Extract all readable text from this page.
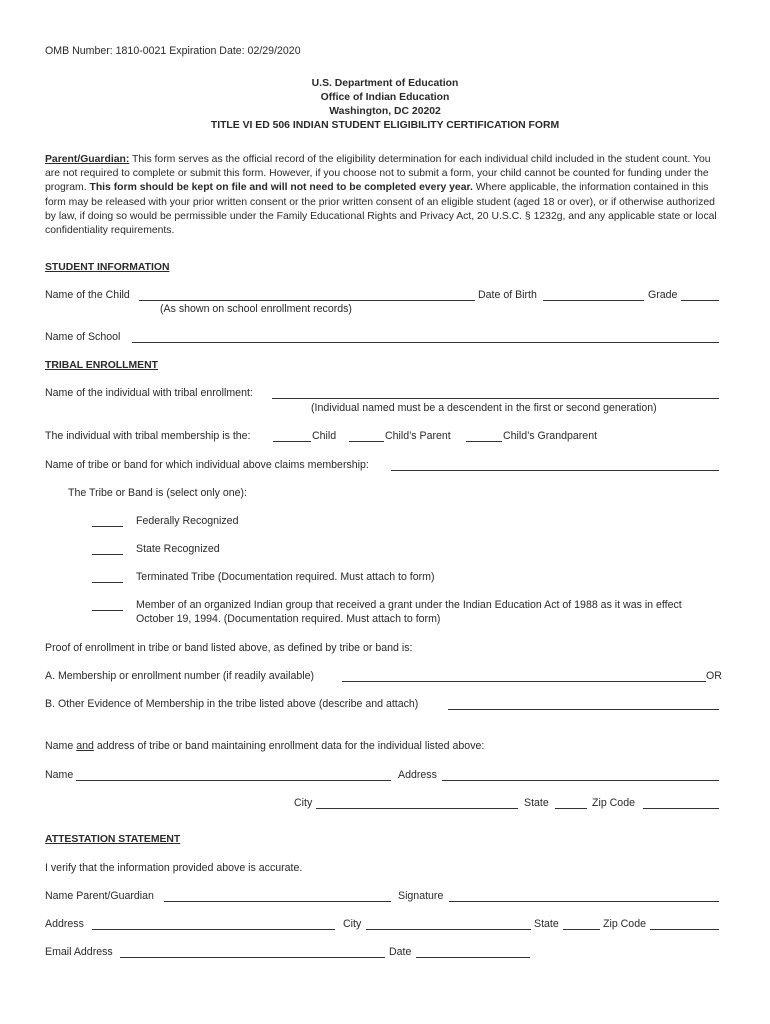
OMB Number: 1810-0021 Expiration Date: 02/29/2020
U.S. Department of Education
Office of Indian Education
Washington, DC 20202
TITLE VI ED 506 INDIAN STUDENT ELIGIBILITY CERTIFICATION FORM
Parent/Guardian: This form serves as the official record of the eligibility determination for each individual child included in the student count. You are not required to complete or submit this form. However, if you choose not to submit a form, your child cannot be counted for funding under the program. This form should be kept on file and will not need to be completed every year. Where applicable, the information contained in this form may be released with your prior written consent or the prior written consent of an eligible student (aged 18 or over), or if otherwise authorized by law, if doing so would be permissible under the Family Educational Rights and Privacy Act, 20 U.S.C. § 1232g, and any applicable state or local confidentiality requirements.
STUDENT INFORMATION
Name of the Child	Date of Birth	Grade
(As shown on school enrollment records)
Name of School
TRIBAL ENROLLMENT
Name of the individual with tribal enrollment:
(Individual named must be a descendent in the first or second generation)
The individual with tribal membership is the:	Child	Child’s Parent	Child’s Grandparent
Name of tribe or band for which individual above claims membership:
The Tribe or Band is (select only one):
Federally Recognized
State Recognized
Terminated Tribe (Documentation required. Must attach to form)
Member of an organized Indian group that received a grant under the Indian Education Act of 1988 as it was in effect
October 19, 1994. (Documentation required. Must attach to form)
Proof of enrollment in tribe or band listed above, as defined by tribe or band is:
A. Membership or enrollment number (if readily available)	OR
B. Other Evidence of Membership in the tribe listed above (describe and attach)
Name and address of tribe or band maintaining enrollment data for the individual listed above:
Name	Address
City	State	Zip Code
ATTESTATION STATEMENT
I verify that the information provided above is accurate.
Name Parent/Guardian	Signature
Address	City	State	Zip Code
Email Address	Date
